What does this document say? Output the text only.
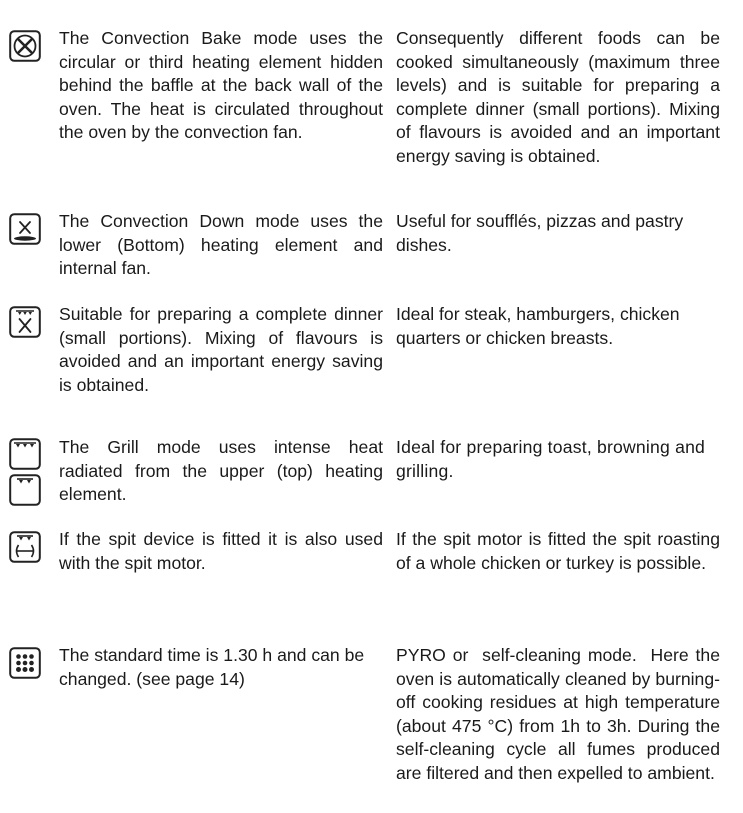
The Convection Bake mode uses the circular or third heating element hidden behind the baffle at the back wall of the oven. The heat is circulated throughout the oven by the convection fan.
Consequently different foods can be cooked simultaneously (maximum three levels) and is suitable for preparing a complete dinner (small portions). Mixing of flavours is avoided and an important energy saving is obtained.
The Convection Down mode uses the lower (Bottom) heating element and internal fan.
Useful for soufflés, pizzas and pastry dishes.
Suitable for preparing a complete dinner (small portions). Mixing of flavours is avoided and an important energy saving is obtained.
Ideal for steak, hamburgers, chicken quarters or chicken breasts.
The Grill mode uses intense heat radiated from the upper (top) heating element.
Ideal for preparing toast, browning and grilling.
If the spit device is fitted it is also used with the spit motor.
If the spit motor is fitted the spit roasting of a whole chicken or turkey is possible.
The standard time is 1.30 h and can be changed. (see page 14)
PYRO or  self-cleaning mode.  Here the oven is automatically cleaned by burning-off cooking residues at high temperature (about 475 °C) from 1h to 3h. During the self-cleaning cycle all fumes produced are filtered and then expelled to ambient.
